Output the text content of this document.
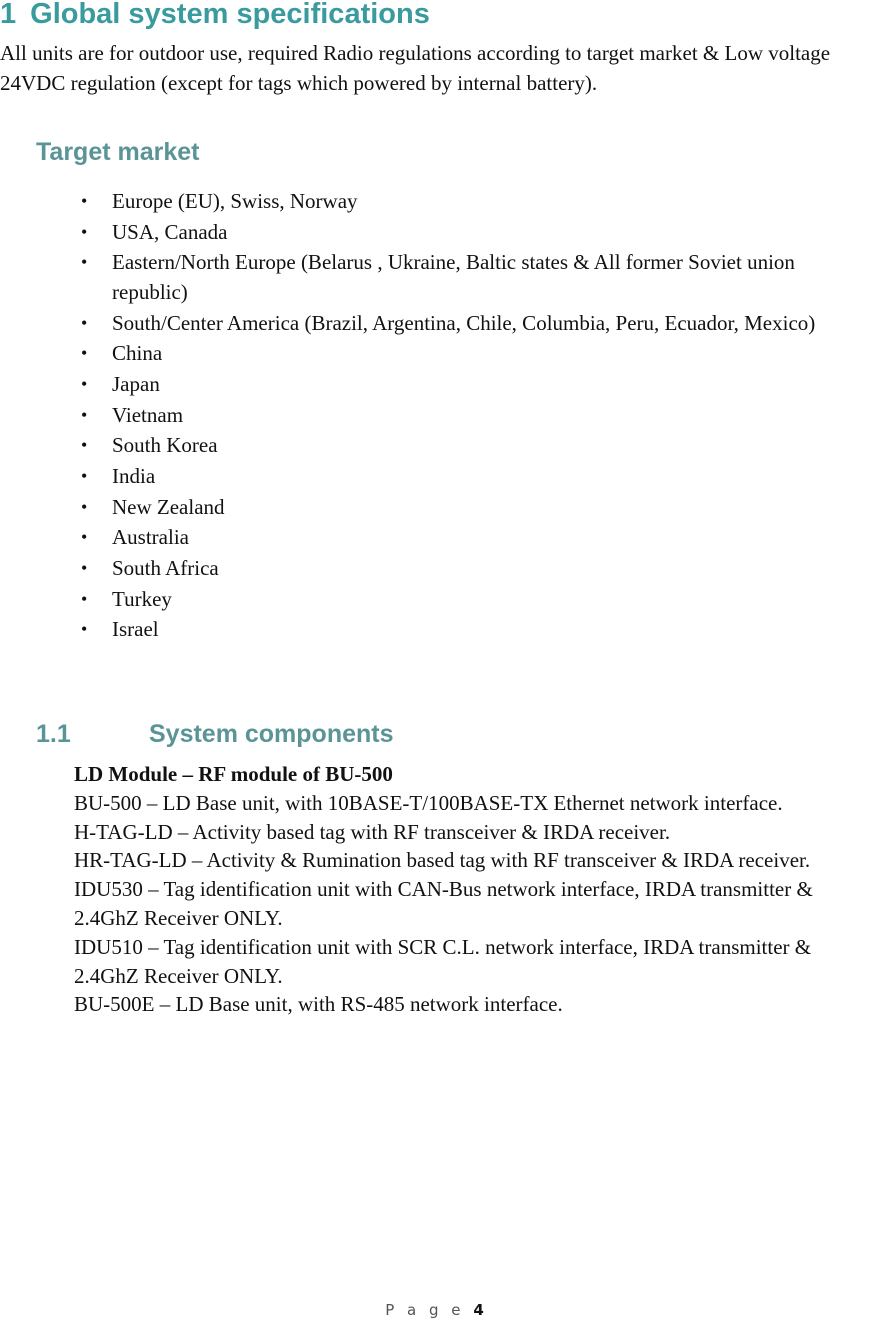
1 Global system specifications
All units are for outdoor use, required Radio regulations according to target market & Low voltage 24VDC regulation (except for tags which powered by internal battery).
Target market
• Europe (EU), Swiss, Norway
• USA, Canada
• Eastern/North Europe (Belarus , Ukraine, Baltic states & All former Soviet union republic)
• South/Center America (Brazil, Argentina, Chile, Columbia, Peru, Ecuador, Mexico)
• China
• Japan
• Vietnam
• South Korea
• India
• New Zealand
• Australia
• South Africa
• Turkey
• Israel
1.1	System components
LD Module – RF module of BU-500
BU-500 – LD Base unit, with 10BASE‑T/100BASE-TX Ethernet network interface.
H-TAG-LD – Activity based tag with RF transceiver & IRDA receiver.
HR-TAG-LD – Activity & Rumination based tag with RF transceiver & IRDA receiver.
IDU530 – Tag identification unit with CAN-Bus network interface, IRDA transmitter & 2.4GhZ Receiver ONLY.
IDU510 – Tag identification unit with SCR C.L. network interface, IRDA transmitter & 2.4GhZ Receiver ONLY.
BU-500E – LD Base unit, with RS-485 network interface.
P a g e 4
